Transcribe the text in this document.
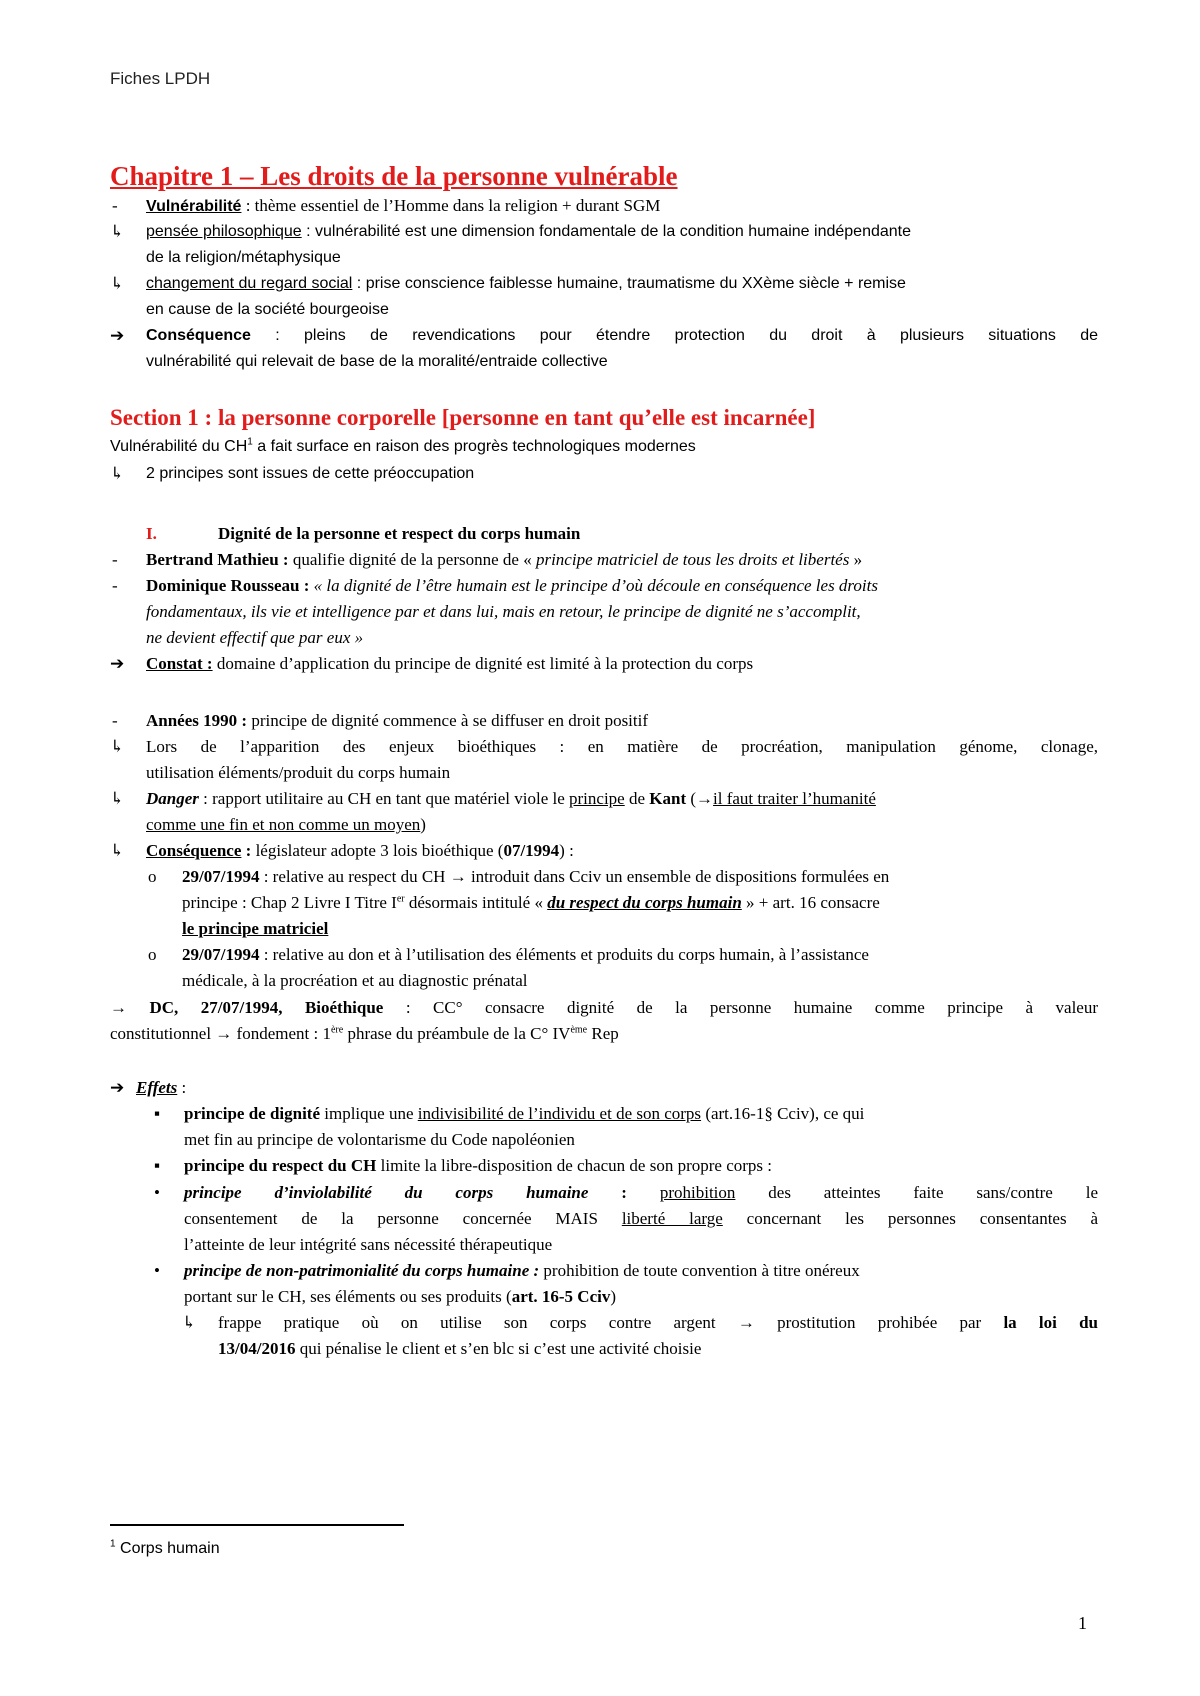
Fiches LPDH
Chapitre 1 – Les droits de la personne vulnérable
- Vulnérabilité : thème essentiel de l’Homme dans la religion + durant SGM
↳ pensée philosophique : vulnérabilité est une dimension fondamentale de la condition humaine indépendante
de la religion/métaphysique
↳ changement du regard social : prise conscience faiblesse humaine, traumatisme du XXème siècle + remise
en cause de la société bourgeoise
➔ Conséquence : pleins de revendications pour étendre protection du droit à plusieurs situations de
vulnérabilité qui relevait de base de la moralité/entraide collective
Section 1 : la personne corporelle [personne en tant qu’elle est incarnée]
Vulnérabilité du $CH^1$ a fait surface en raison des progrès technologiques modernes
↳ 2 principes sont issues de cette préoccupation
I.	Dignité de la personne et respect du corps humain
- Bertrand Mathieu : qualifie dignité de la personne de « principe matriciel de tous les droits et libertés »
- Dominique Rousseau : « la dignité de l’être humain est le principe d’où découle en conséquence les droits
fondamentaux, ils vie et intelligence par et dans lui, mais en retour, le principe de dignité ne s’accomplit,
ne devient effectif que par eux »
➔ Constat : domaine d’application du principe de dignité est limité à la protection du corps
- Années 1990 : principe de dignité commence à se diffuser en droit positif
↳ Lors de l’apparition des enjeux bioéthiques : en matière de procréation, manipulation génome, clonage,
utilisation éléments/produit du corps humain
↳ Danger : rapport utilitaire au CH en tant que matériel viole le principe de Kant (→il faut traiter l’humanité
comme une fin et non comme un moyen)
↳ Conséquence : législateur adopte 3 lois bioéthique (07/1994) :
o 29/07/1994 : relative au respect du CH → introduit dans Cciv un ensemble de dispositions formulées en
principe : Chap 2 Livre I Titre Ier désormais intitulé « du respect du corps humain » + art. 16 consacre
le principe matriciel
o 29/07/1994 : relative au don et à l’utilisation des éléments et produits du corps humain, à l’assistance
médicale, à la procréation et au diagnostic prénatal
→ DC, 27/07/1994, Bioéthique : CC° consacre dignité de la personne humaine comme principe à valeur
constitutionnel → fondement : 1ère phrase du préambule de la C° IVème Rep
➔ Effets :
▪ principe de dignité implique une indivisibilité de l’individu et de son corps (art.16-1§ Cciv), ce qui
met fin au principe de volontarisme du Code napoléonien
▪ principe du respect du CH limite la libre-disposition de chacun de son propre corps :
• principe d’inviolabilité du corps humaine : prohibition des atteintes faite sans/contre le
consentement de la personne concernée MAIS liberté large concernant les personnes consentantes à
l’atteinte de leur intégrité sans nécessité thérapeutique
• principe de non-patrimonialité du corps humaine : prohibition de toute convention à titre onéreux
portant sur le CH, ses éléments ou ses produits (art. 16-5 Cciv)
↳ frappe pratique où on utilise son corps contre argent → prostitution prohibée par la loi du
13/04/2016 qui pénalise le client et s’en blc si c’est une activité choisie
$^1$ Corps humain
1
